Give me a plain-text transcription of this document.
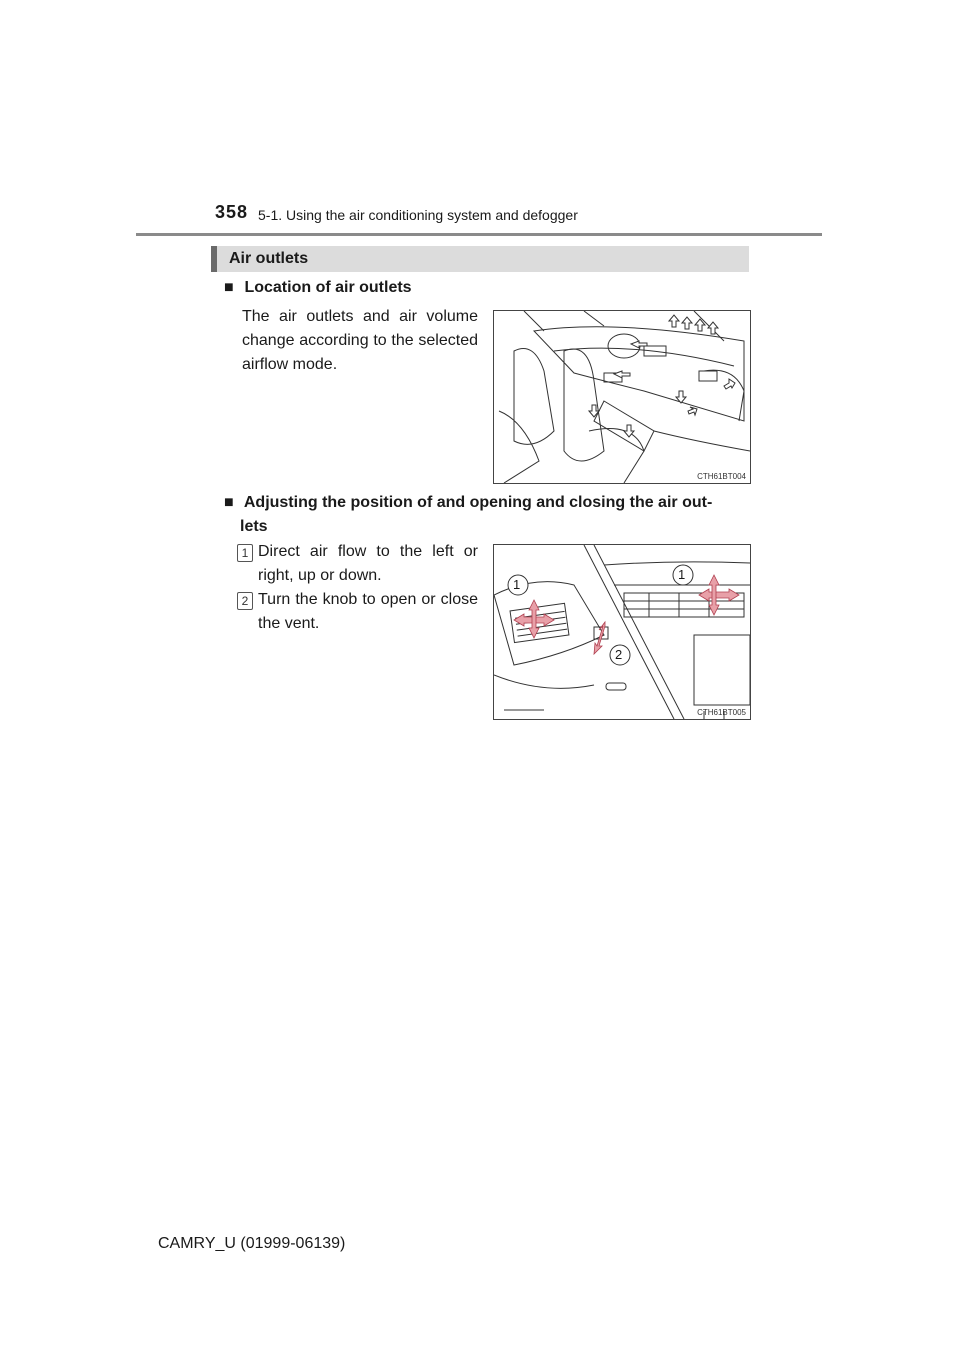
358 5-1. Using the air conditioning system and defogger
Air outlets
■ Location of air outlets
The air outlets and air volume change according to the selected airflow mode.
CTH61BT004
■ Adjusting the position of and opening and closing the air out-
lets
1 Direct air flow to the left or right, up or down.
2 Turn the knob to open or close the vent.
1
1
2
CTH61BT005
CAMRY_U (01999-06139)
